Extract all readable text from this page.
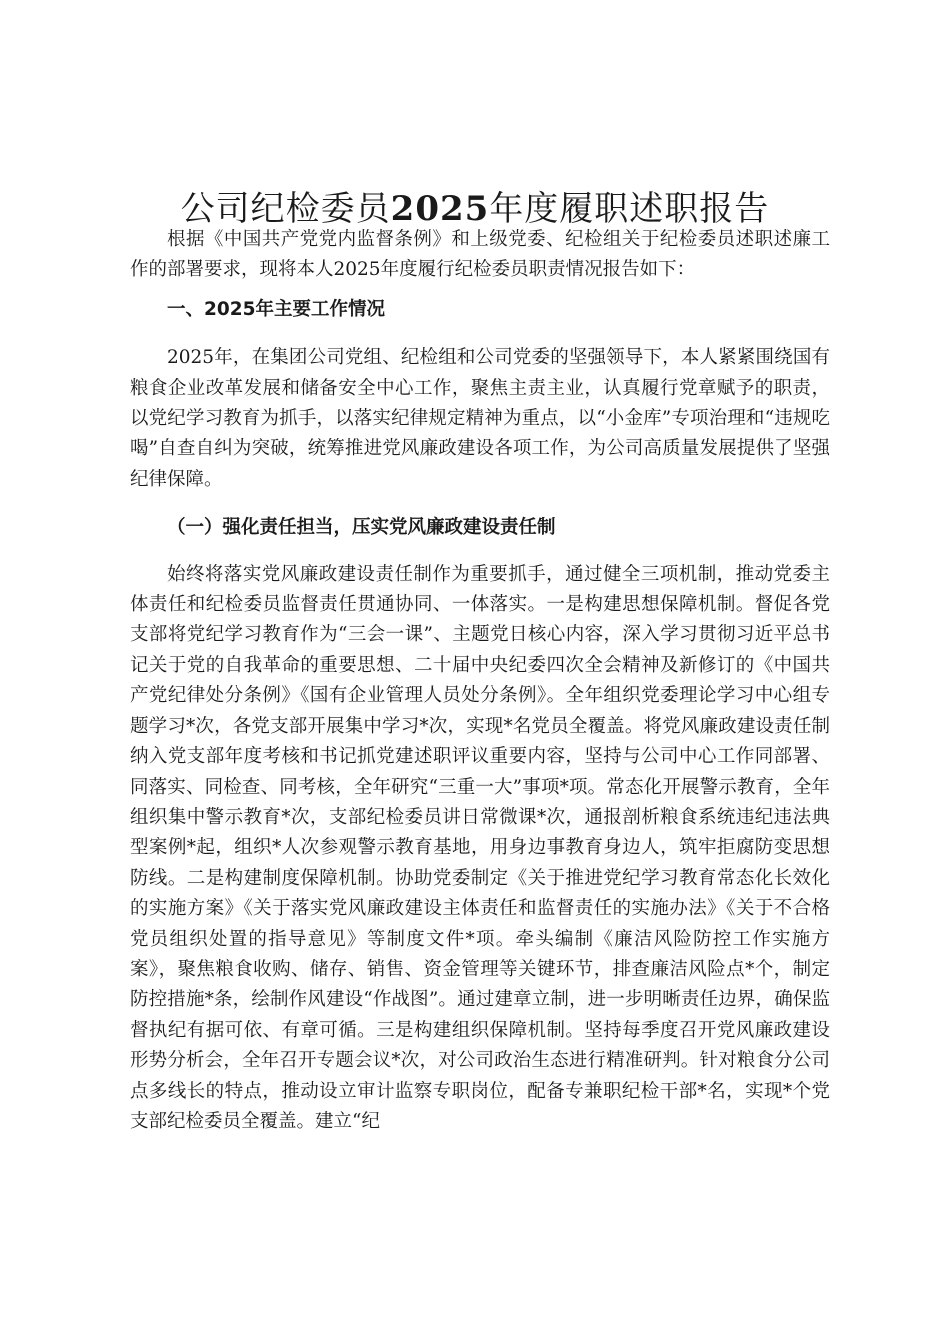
公司纪检委员2025年度履职述职报告

根据《中国共产党党内监督条例》和上级党委、纪检组关于纪检委员述职述廉工作的部署要求，现将本人2025年度履行纪检委员职责情况报告如下：

一、2025年主要工作情况

2025年，在集团公司党组、纪检组和公司党委的坚强领导下，本人紧紧围绕国有粮食企业改革发展和储备安全中心工作，聚焦主责主业，认真履行党章赋予的职责，以党纪学习教育为抓手，以落实纪律规定精神为重点，以“小金库”专项治理和“违规吃喝”自查自纠为突破，统筹推进党风廉政建设各项工作，为公司高质量发展提供了坚强纪律保障。

（一）强化责任担当，压实党风廉政建设责任制

始终将落实党风廉政建设责任制作为重要抓手，通过健全三项机制，推动党委主体责任和纪检委员监督责任贯通协同、一体落实。一是构建思想保障机制。督促各党支部将党纪学习教育作为“三会一课”、主题党日核心内容，深入学习贯彻习近平总书记关于党的自我革命的重要思想、二十届中央纪委四次全会精神及新修订的《中国共产党纪律处分条例》《国有企业管理人员处分条例》。全年组织党委理论学习中心组专题学习*次，各党支部开展集中学习*次，实现*名党员全覆盖。将党风廉政建设责任制纳入党支部年度考核和书记抓党建述职评议重要内容，坚持与公司中心工作同部署、同落实、同检查、同考核，全年研究“三重一大”事项*项。常态化开展警示教育，全年组织集中警示教育*次，支部纪检委员讲日常微课*次，通报剖析粮食系统违纪违法典型案例*起，组织*人次参观警示教育基地，用身边事教育身边人，筑牢拒腐防变思想防线。二是构建制度保障机制。协助党委制定《关于推进党纪学习教育常态化长效化的实施方案》《关于落实党风廉政建设主体责任和监督责任的实施办法》《关于不合格党员组织处置的指导意见》等制度文件*项。牵头编制《廉洁风险防控工作实施方案》，聚焦粮食收购、储存、销售、资金管理等关键环节，排查廉洁风险点*个，制定防控措施*条，绘制作风建设“作战图”。通过建章立制，进一步明晰责任边界，确保监督执纪有据可依、有章可循。三是构建组织保障机制。坚持每季度召开党风廉政建设形势分析会，全年召开专题会议*次，对公司政治生态进行精准研判。针对粮食分公司点多线长的特点，推动设立审计监察专职岗位，配备专兼职纪检干部*名，实现*个党支部纪检委员全覆盖。建立“纪
